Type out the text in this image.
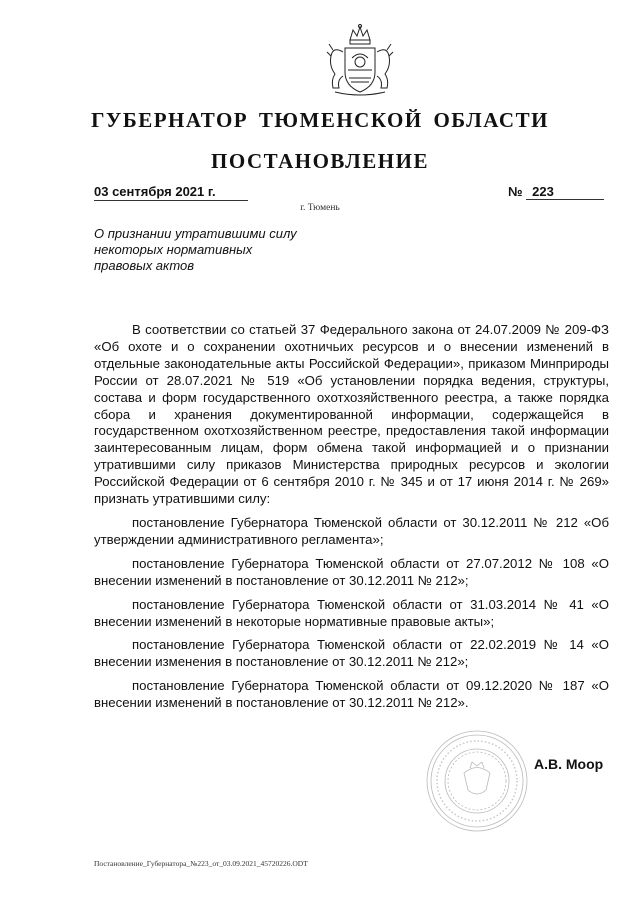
ГУБЕРНАТОР ТЮМЕНСКОЙ ОБЛАСТИ
ПОСТАНОВЛЕНИЕ
03 сентября 2021 г.	№ 223
г. Тюмень
О признании утратившими силу
некоторых нормативных
правовых актов

В соответствии со статьей 37 Федерального закона от 24.07.2009 № 209-ФЗ «Об охоте и о сохранении охотничьих ресурсов и о внесении изменений в отдельные законодательные акты Российской Федерации», приказом Минприроды России от 28.07.2021 № 519 «Об установлении порядка ведения, структуры, состава и форм государственного охотхозяйственного реестра, а также порядка сбора и хранения документированной информации, содержащейся в государственном охотхозяйственном реестре, предоставления такой информации заинтересованным лицам, форм обмена такой информацией и о признании утратившими силу приказов Министерства природных ресурсов и экологии Российской Федерации от 6 сентября 2010 г. № 345 и от 17 июня 2014 г. № 269» признать утратившими силу:

постановление Губернатора Тюменской области от 30.12.2011 № 212 «Об утверждении административного регламента»;

постановление Губернатора Тюменской области от 27.07.2012 № 108 «О внесении изменений в постановление от 30.12.2011 № 212»;

постановление Губернатора Тюменской области от 31.03.2014 № 41 «О внесении изменений в некоторые нормативные правовые акты»;

постановление Губернатора Тюменской области от 22.02.2019 № 14 «О внесении изменения в постановление от 30.12.2011 № 212»;

постановление Губернатора Тюменской области от 09.12.2020 № 187 «О внесении изменений в постановление от 30.12.2011 № 212».

А.В. Моор
Постановление_Губернатора_№223_от_03.09.2021_45720226.ODT
